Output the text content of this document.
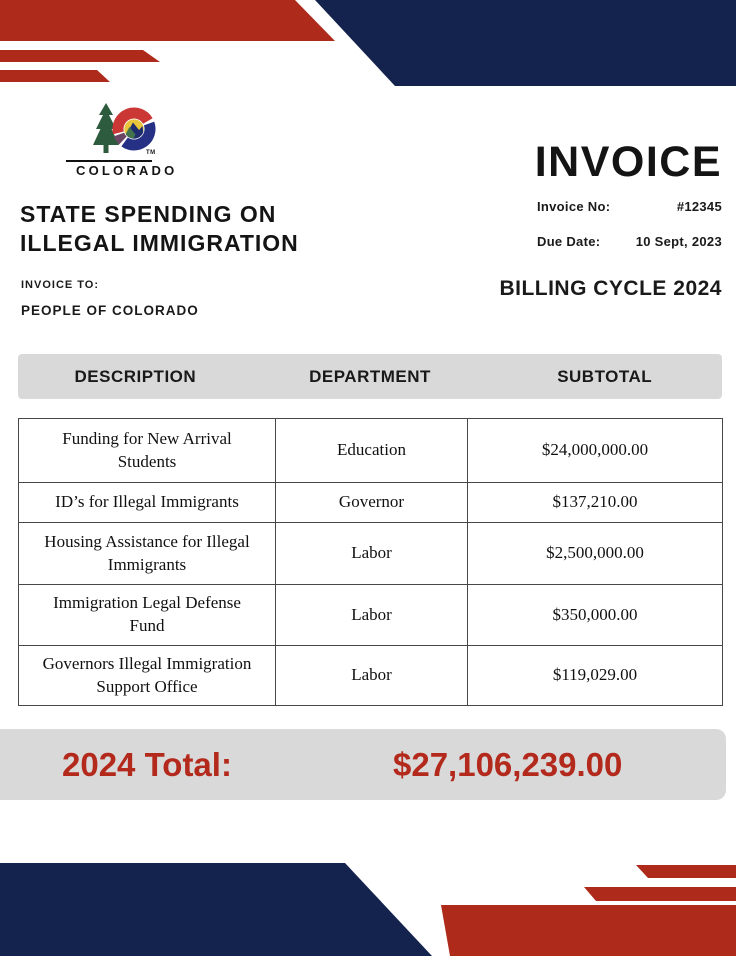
TM
COLORADO
STATE SPENDING ON
ILLEGAL IMMIGRATION
INVOICE TO:
PEOPLE OF COLORADO
INVOICE
Invoice No:	#12345
Due Date:	10 Sept, 2023
BILLING CYCLE 2024
DESCRIPTION	DEPARTMENT	SUBTOTAL
Funding for New Arrival
Students	Education	$24,000,000.00

ID’s for Illegal Immigrants	Governor	$137,210.00

Housing Assistance for Illegal
Immigrants	Labor	$2,500,000.00

Immigration Legal Defense
Fund	Labor	$350,000.00

Governors Illegal Immigration
Support Office	Labor	$119,029.00
2024 Total:	$27,106,239.00
